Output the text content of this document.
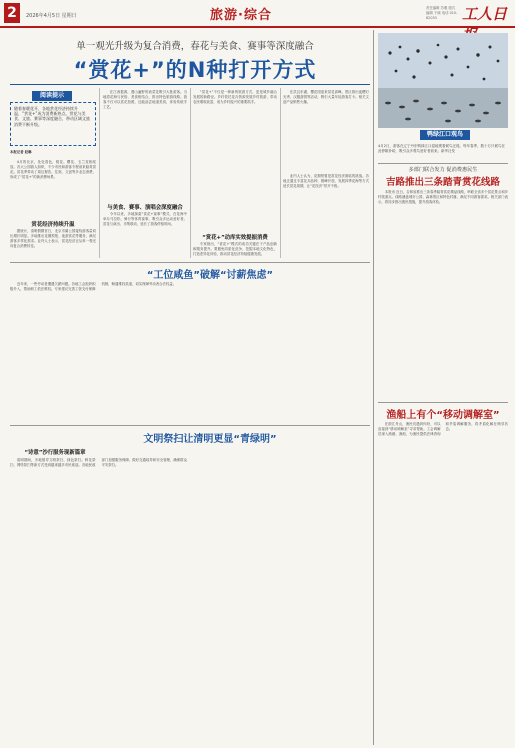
2	2026年4月5日 星期日	旅游·综合	责任编辑 苏雅 版式编辑 于晓 电话 010-82033	工人日
单一观光升级为复合消费，春花与美食、赛事等深度融合
“赏花+”的N种打开方式
阅读提示
随着春暖花开，各地赏花经济持续升温，“赏花+”成为消费新热点。赏花与美食、文旅、赛事等深度融合，带动区域文旅消费不断升级。
本报记者 赵琳

4月的北京，处处春色，桃花、樱花、玉兰竞相绽放。各大公园游人如织，不少市民和游客专程前来踏青赏花。赏花季带动了周边餐饮、住宿、文创等多业态消费，形成了“赏花+”的新消费场景。

赏花经济持续升温

据统计，清明假期首日，北京市属公园接待游客量同比增长明显。多地推出花期预报、夜游赏花等服务，满足游客多样化需求。业内人士表示，赏花经济正从单一观光向复合消费转变。

在江西婺源，漫山遍野的油菜花吸引大批游客。当地将花海与民俗、美食相结合，推出特色旅游线路。游客不仅可以赏花拍照，还能品尝地道美食，体验传统手工艺。

与美食、赛事、演唱会深度融合

今年以来，多地探索“赏花+赛事”模式，在花海中举办马拉松、骑行等体育赛事，吸引众多运动爱好者。赏花与演出、市集联动，延长了游客停留时间。

“赏花+”不仅是一种新的旅游方式，更是城乡融合发展的新路径。乡村依托花卉资源发展乡村旅游，带动农民增收致富，成为乡村振兴的重要抓手。

“赏花+”动库实效提振消费

专家指出，“赏花+”模式的成功关键在于产品创新和服务提升。要避免同质化竞争，挖掘本地文化特色，打造差异化体验，推动赏花经济持续健康发展。

在武汉东湖，樱花园迎来赏花高峰。景区推出夜樱灯光秀、汉服游园等活动，吸引大量年轻游客打卡。相关文创产品销售火爆。

业内人士认为，花期短暂是赏花经济面临的挑战。各地正通过丰富花卉品种、错峰开放、发展四季花海等方式延长赏花周期，让“花经济”常开不败。

鸭绿江口观鸟
4月2日，游客在辽宁丹东鸭绿江口湿地观看候鸟迁徙。每年春季，数十万只候鸟在此停歇补给，吸引众多观鸟爱好者前来。新华社发
多部门联合发力 促消费惠民生
吉路推出三条踏青赏花线路

本报讯 近日，吉林省推出三条春季踏青赏花精品线路，串联全省多个赏花景点和乡村旅游点。线路涵盖城市公园、森林景区和特色村落，满足不同游客需求。相关部门表示，将同步推出惠民措施，提升游客体验。

“工位咸鱼”破解“讨薪焦虑”

近年来，一些劳动者遭遇欠薪问题。各地工会组织积极介入，帮助职工依法维权。专家建议完善工资支付保障机制，畅通维权渠道，切实保障劳动者合法权益。

文明祭扫让清明更显“青绿明”
“诗意”沙行服务现新篇章

清明期间，多地倡导文明祭扫、绿色祭扫。鲜花祭扫、网络祭扫等新方式受到越来越多市民欢迎。各地民政部门加强服务保障，做好交通疏导和安全管理，确保群众平安祭扫。

渔船上有个“移动调解室”

在浙江舟山，渔民们遇到纠纷，可以直接到“移动调解室”寻求帮助。工会调解员深入渔港、渔船，为渔民提供法律咨询和矛盾调解服务，将矛盾化解在萌芽状态。
